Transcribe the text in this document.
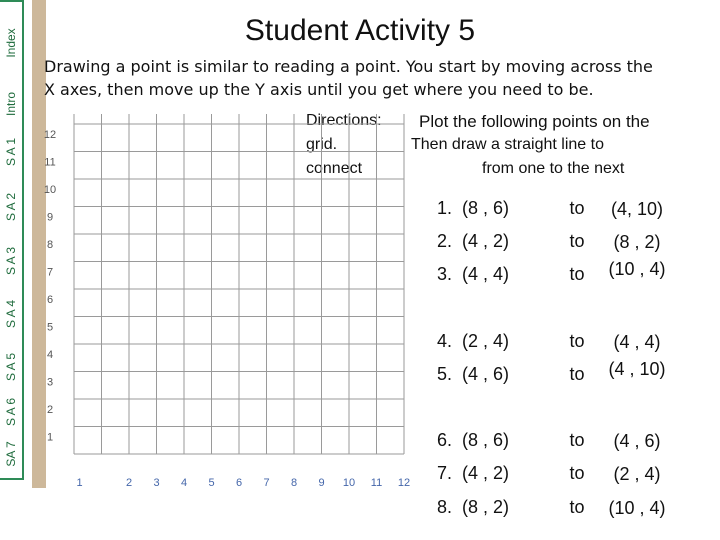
Index
Intro
S A 1
S A 2
S A 3
S A 4
S A 5
S A 6
SA 7
Student Activity 5
Drawing a point is similar to reading a point. You start by moving across the X axes, then move up the Y axis until you get where you need to be.
Directions: Plot the following points on the
grid.	Then draw a straight line to
connect	from one to the next
1	2 3 4 5 6 7 8 9 10 11 12
1
2
3
4
5
6
7
8
9
10
11
12
1. (8 , 6)	to	(4, 10)
2. (4 , 2)	to	(8 , 2)
3. (4 , 4)	to	(10 , 4)
4. (2 , 4)	to	(4 , 4)
5. (4 , 6)	to	(4 , 10)
6. (8 , 6)	to	(4 , 6)
7. (4 , 2)	to	(2 , 4)
8. (8 , 2)	to	(10 , 4)
